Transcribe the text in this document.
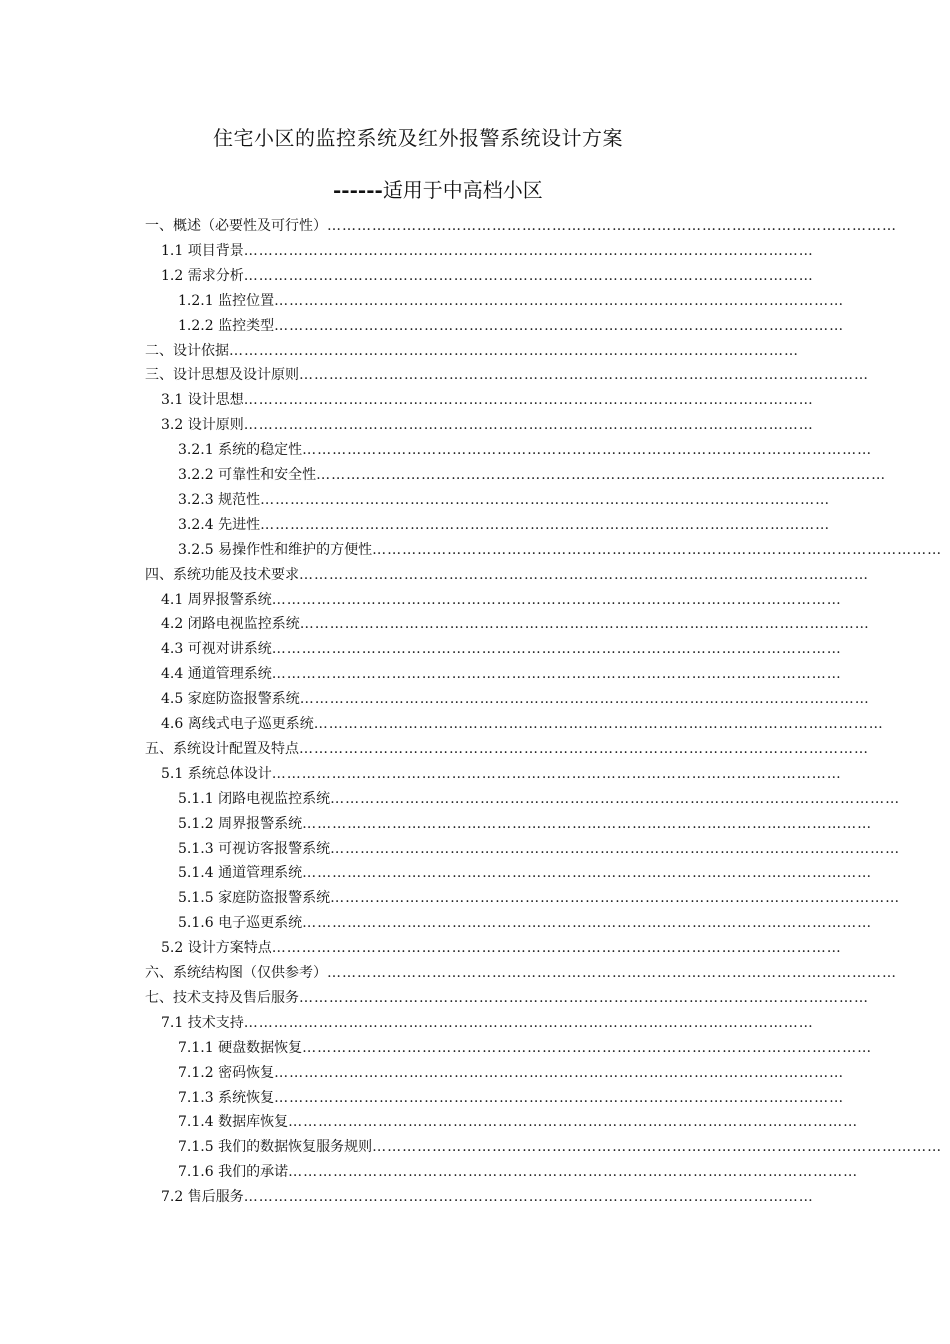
住宅小区的监控系统及红外报警系统设计方案
------适用于中高档小区
一、概述（必要性及可行性） ……………………………………………………………………………………………………
1.1 项目背景 ……………………………………………………………………………………………………
1.2 需求分析 ……………………………………………………………………………………………………
1.2.1 监控位置 ……………………………………………………………………………………………………
1.2.2 监控类型 ……………………………………………………………………………………………………
二、设计依据 ……………………………………………………………………………………………………
三、设计思想及设计原则 ……………………………………………………………………………………………………
3.1 设计思想 ……………………………………………………………………………………………………
3.2 设计原则 ……………………………………………………………………………………………………
3.2.1 系统的稳定性 ……………………………………………………………………………………………………
3.2.2 可靠性和安全性 ……………………………………………………………………………………………………
3.2.3 规范性 ……………………………………………………………………………………………………
3.2.4 先进性 ……………………………………………………………………………………………………
3.2.5 易操作性和维护的方便性 ……………………………………………………………………………………………………
四、系统功能及技术要求 ……………………………………………………………………………………………………
4.1 周界报警系统 ……………………………………………………………………………………………………
4.2 闭路电视监控系统 ……………………………………………………………………………………………………
4.3 可视对讲系统 ……………………………………………………………………………………………………
4.4 通道管理系统 ……………………………………………………………………………………………………
4.5 家庭防盗报警系统 ……………………………………………………………………………………………………
4.6 离线式电子巡更系统 ……………………………………………………………………………………………………
五、系统设计配置及特点 ……………………………………………………………………………………………………
5.1 系统总体设计 ……………………………………………………………………………………………………
5.1.1 闭路电视监控系统 ……………………………………………………………………………………………………
5.1.2 周界报警系统 ……………………………………………………………………………………………………
5.1.3 可视访客报警系统 ……………………………………………………………………………………………………
5.1.4 通道管理系统 ……………………………………………………………………………………………………
5.1.5 家庭防盗报警系统 ……………………………………………………………………………………………………
5.1.6 电子巡更系统 ……………………………………………………………………………………………………
5.2 设计方案特点 ……………………………………………………………………………………………………
六、系统结构图（仅供参考） ……………………………………………………………………………………………………
七、技术支持及售后服务 ……………………………………………………………………………………………………
7.1 技术支持 ……………………………………………………………………………………………………
7.1.1 硬盘数据恢复 ……………………………………………………………………………………………………
7.1.2 密码恢复 ……………………………………………………………………………………………………
7.1.3 系统恢复 ……………………………………………………………………………………………………
7.1.4 数据库恢复 ……………………………………………………………………………………………………
7.1.5 我们的数据恢复服务规则 ……………………………………………………………………………………………………
7.1.6 我们的承诺 ……………………………………………………………………………………………………
7.2 售后服务 ……………………………………………………………………………………………………
